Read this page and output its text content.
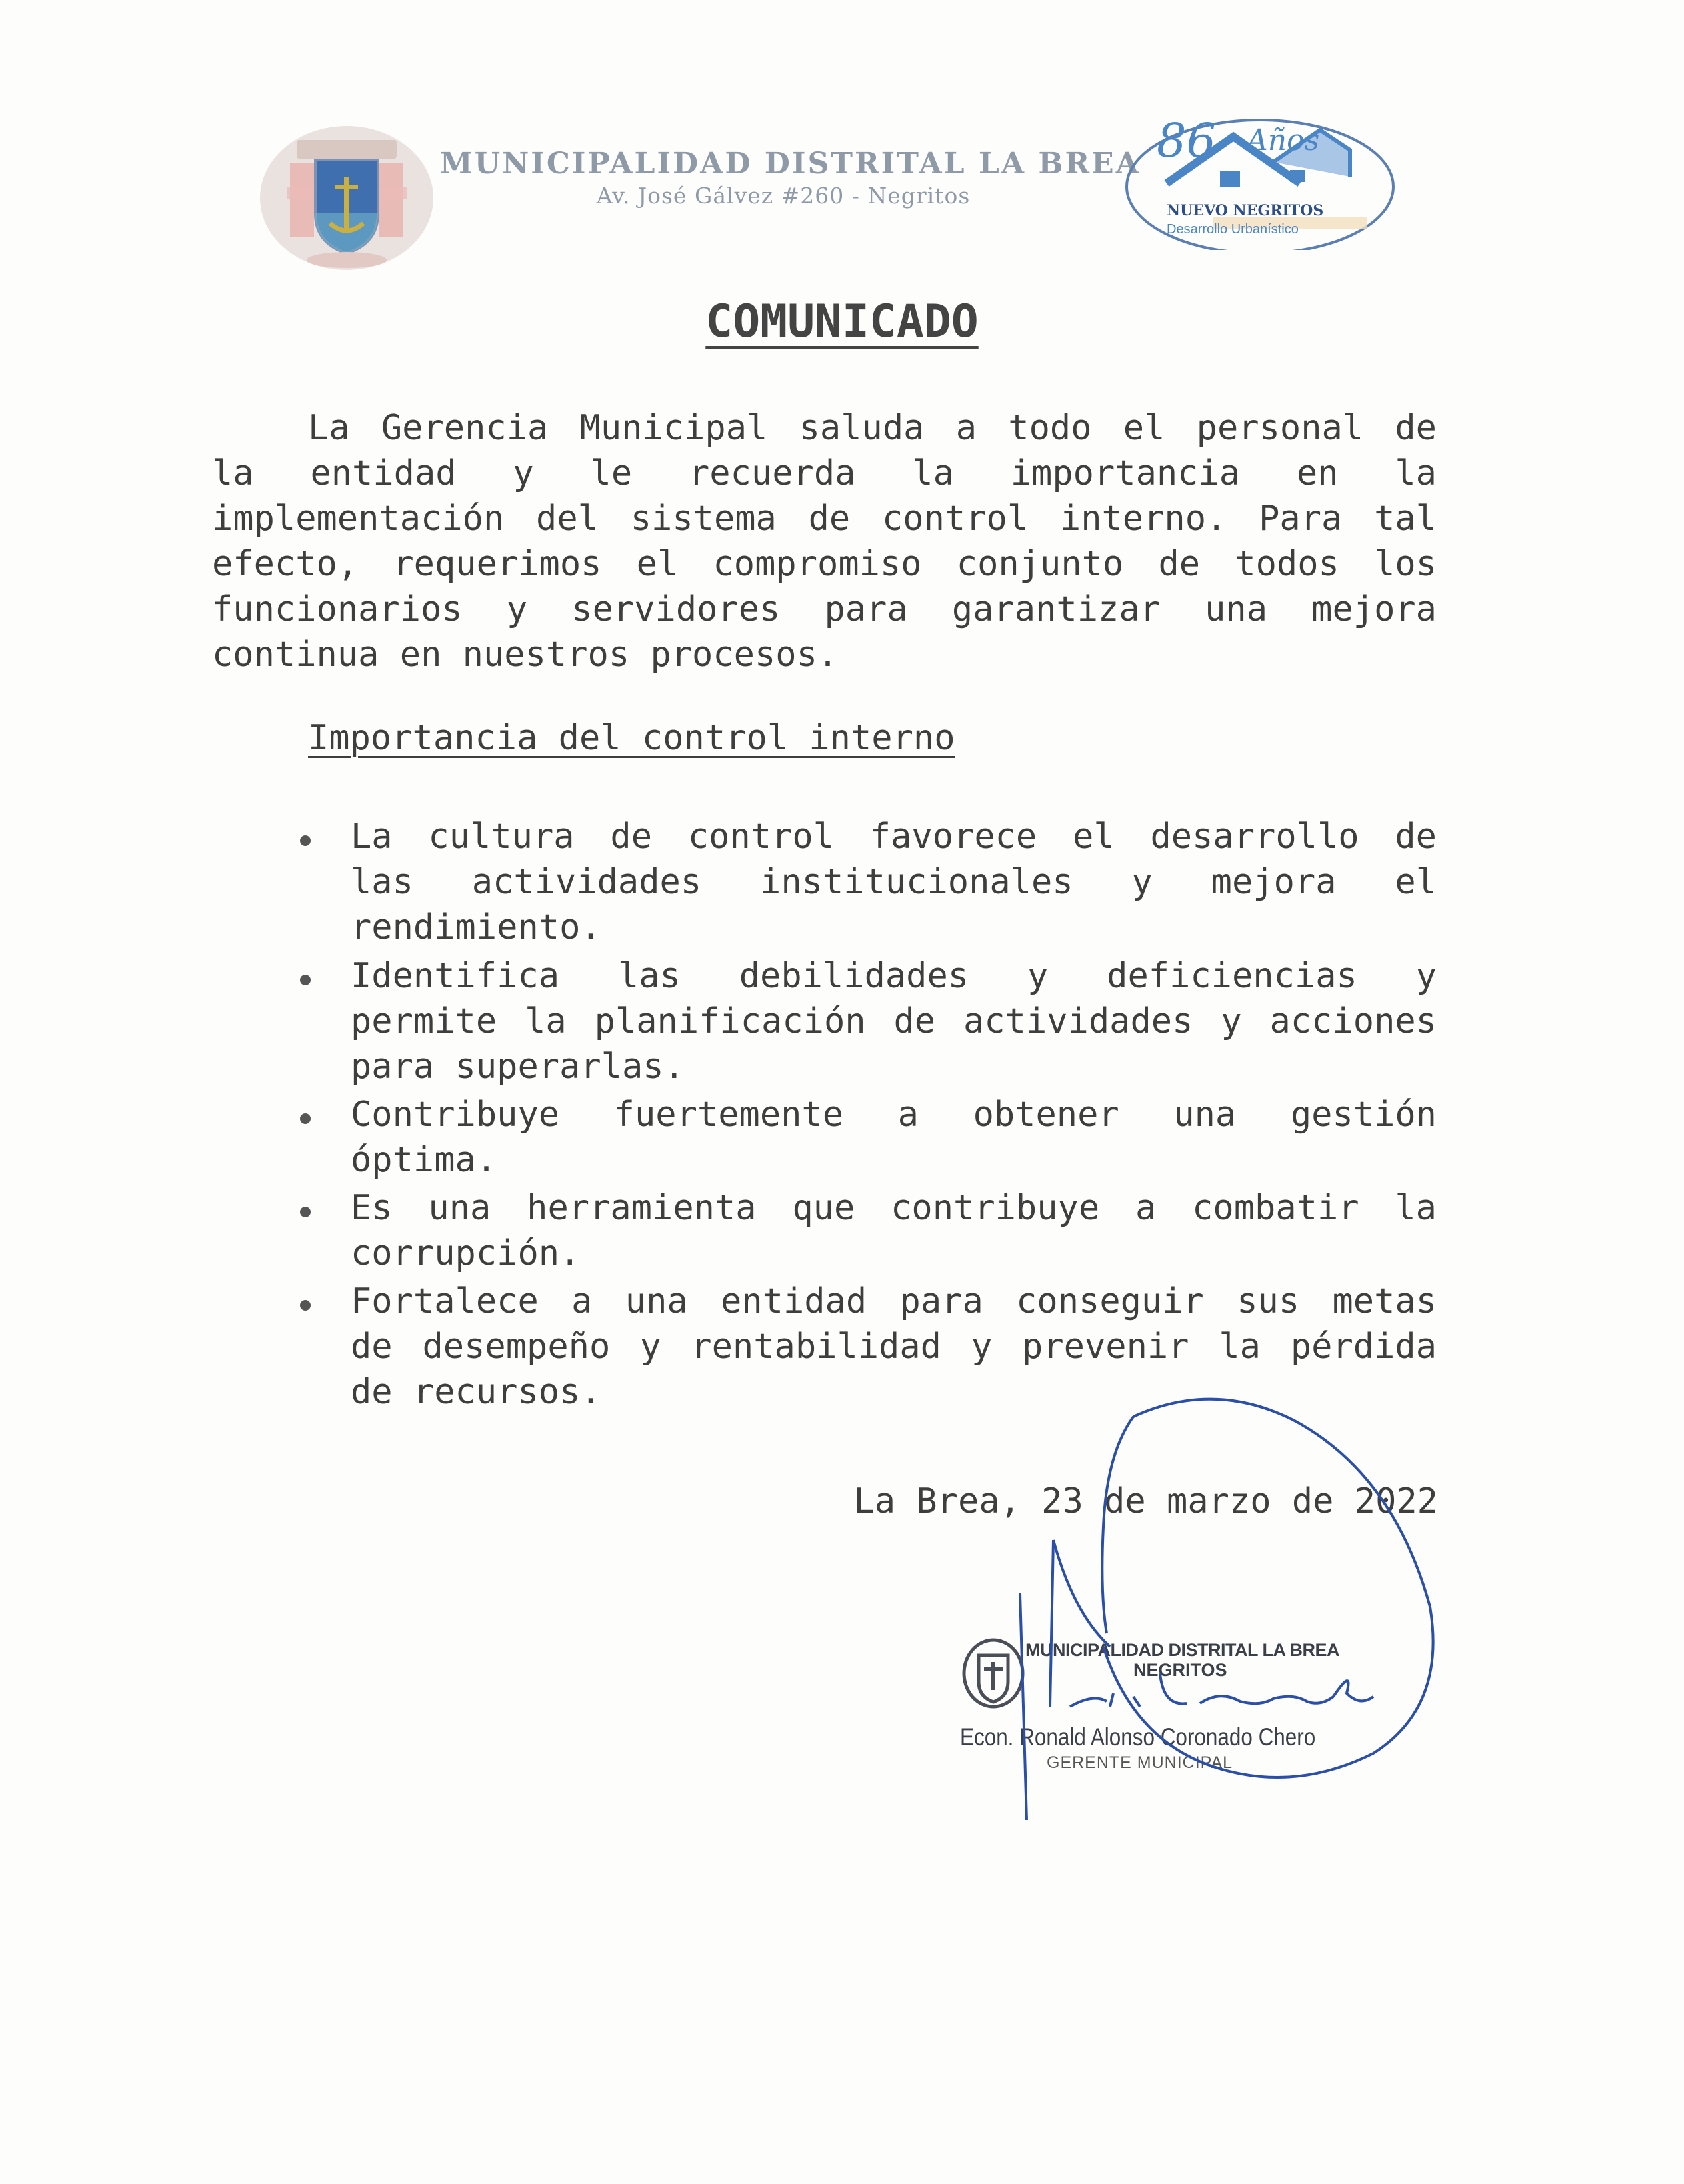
MUNICIPALIDAD DISTRITAL LA BREA
Av. José Gálvez #260 - Negritos
86 Años
NUEVO NEGRITOS
Desarrollo Urbanístico
COMUNICADO
La Gerencia Municipal saluda a todo el personal de
la entidad y le recuerda la importancia en la
implementación del sistema de control interno. Para tal
efecto, requerimos el compromiso conjunto de todos los
funcionarios y servidores para garantizar una mejora
continua en nuestros procesos.
Importancia del control interno
La cultura de control favorece el desarrollo de
las actividades institucionales y mejora el
rendimiento.
Identifica las debilidades y deficiencias y
permite la planificación de actividades y acciones
para superarlas.
Contribuye fuertemente a obtener una gestión
óptima.
Es una herramienta que contribuye a combatir la
corrupción.
Fortalece a una entidad para conseguir sus metas
de desempeño y rentabilidad y prevenir la pérdida
de recursos.
La Brea, 23 de marzo de 2022
MUNICIPALIDAD DISTRITAL LA BREA
NEGRITOS
Econ. Ronald Alonso Coronado Chero
GERENTE MUNICIPAL
